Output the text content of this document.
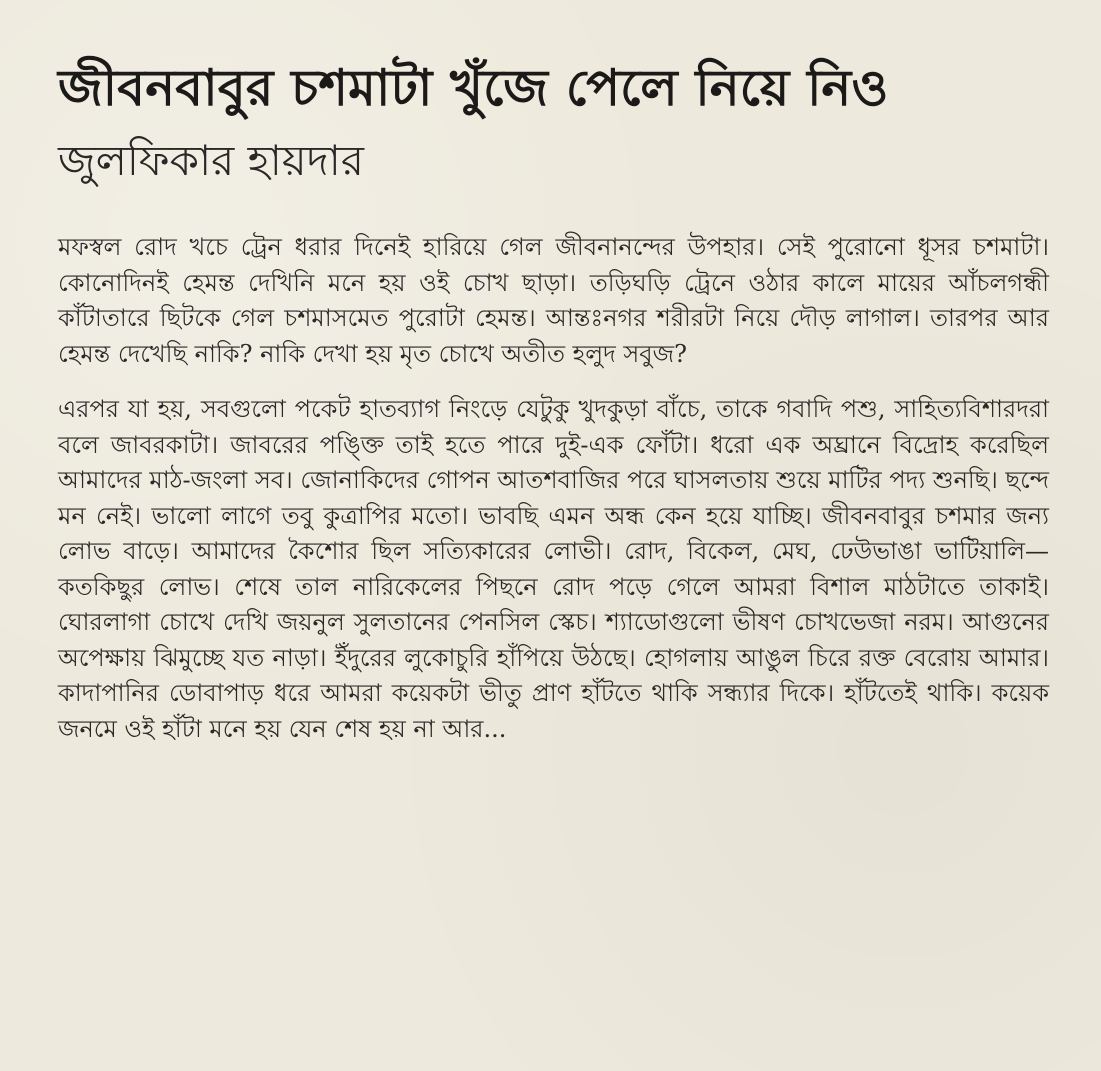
জীবনবাবুর চশমাটা খুঁজে পেলে নিয়ে নিও
জুলফিকার হায়দার

মফস্বল রোদ খচে ট্রেন ধরার দিনেই হারিয়ে গেল জীবনানন্দের উপহার। সেই পুরোনো ধূসর চশমাটা। কোনোদিনই হেমন্ত দেখিনি মনে হয় ওই চোখ ছাড়া। তড়িঘড়ি ট্রেনে ওঠার কালে মায়ের আঁচলগন্ধী কাঁটাতারে ছিটকে গেল চশমাসমেত পুরোটা হেমন্ত। আন্তঃনগর শরীরটা নিয়ে দৌড় লাগাল। তারপর আর হেমন্ত দেখেছি নাকি? নাকি দেখা হয় মৃত চোখে অতীত হলুদ সবুজ?

এরপর যা হয়, সবগুলো পকেট হাতব্যাগ নিংড়ে যেটুকু খুদকুড়া বাঁচে, তাকে গবাদি পশু, সাহিত্যবিশারদরা বলে জাবরকাটা। জাবরের পঙ্ক্তি তাই হতে পারে দুই-এক ফোঁটা। ধরো এক অঘ্রানে বিদ্রোহ করেছিল আমাদের মাঠ-জংলা সব। জোনাকিদের গোপন আতশবাজির পরে ঘাসলতায় শুয়ে মাটির পদ্য শুনছি। ছন্দে মন নেই। ভালো লাগে তবু কুত্রাপির মতো। ভাবছি এমন অন্ধ কেন হয়ে যাচ্ছি। জীবনবাবুর চশমার জন্য লোভ বাড়ে। আমাদের কৈশোর ছিল সত্যিকারের লোভী। রোদ, বিকেল, মেঘ, ঢেউভাঙা ভাটিয়ালি—কতকিছুর লোভ। শেষে তাল নারিকেলের পিছনে রোদ পড়ে গেলে আমরা বিশাল মাঠটাতে তাকাই। ঘোরলাগা চোখে দেখি জয়নুল সুলতানের পেনসিল স্কেচ। শ্যাডোগুলো ভীষণ চোখভেজা নরম। আগুনের অপেক্ষায় ঝিমুচ্ছে যত নাড়া। ইঁদুরের লুকোচুরি হাঁপিয়ে উঠছে। হোগলায় আঙুল চিরে রক্ত বেরোয় আমার। কাদাপানির ডোবাপাড় ধরে আমরা কয়েকটা ভীতু প্রাণ হাঁটতে থাকি সন্ধ্যার দিকে। হাঁটতেই থাকি। কয়েক জনমে ওই হাঁটা মনে হয় যেন শেষ হয় না আর...
